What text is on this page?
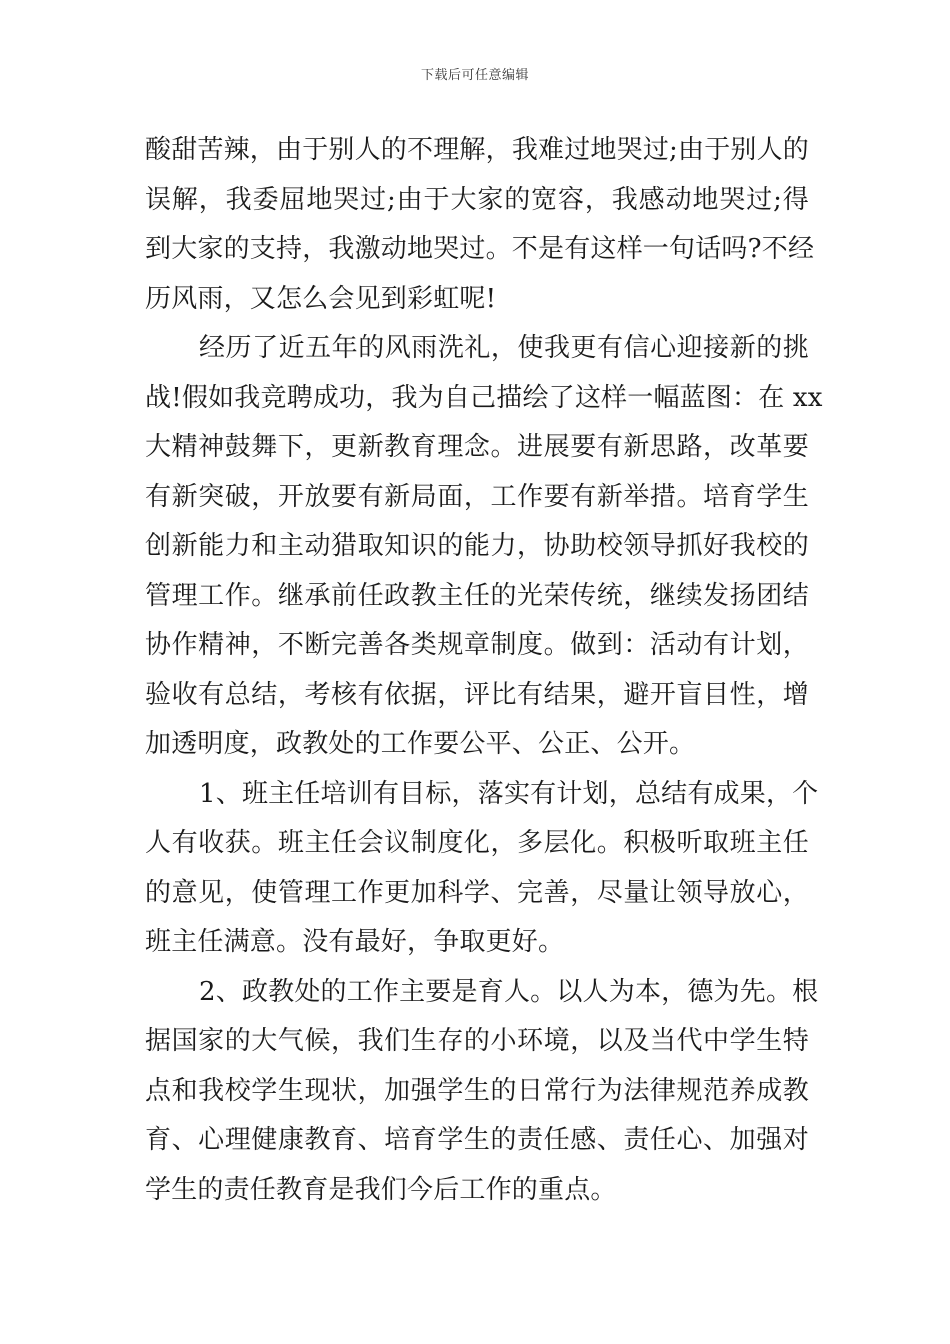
下载后可任意编辑
酸甜苦辣，由于别人的不理解，我难过地哭过;由于别人的
误解，我委屈地哭过;由于大家的宽容，我感动地哭过;得
到大家的支持，我激动地哭过。不是有这样一句话吗?不经
历风雨，又怎么会见到彩虹呢!
经历了近五年的风雨洗礼，使我更有信心迎接新的挑
战!假如我竞聘成功，我为自己描绘了这样一幅蓝图：在 xx
大精神鼓舞下，更新教育理念。进展要有新思路，改革要
有新突破，开放要有新局面，工作要有新举措。培育学生
创新能力和主动猎取知识的能力，协助校领导抓好我校的
管理工作。继承前任政教主任的光荣传统，继续发扬团结
协作精神，不断完善各类规章制度。做到：活动有计划，
验收有总结，考核有依据，评比有结果，避开盲目性，增
加透明度，政教处的工作要公平、公正、公开。
1、班主任培训有目标，落实有计划，总结有成果，个
人有收获。班主任会议制度化，多层化。积极听取班主任
的意见，使管理工作更加科学、完善，尽量让领导放心，
班主任满意。没有最好，争取更好。
2、政教处的工作主要是育人。以人为本，德为先。根
据国家的大气候，我们生存的小环境，以及当代中学生特
点和我校学生现状，加强学生的日常行为法律规范养成教
育、心理健康教育、培育学生的责任感、责任心、加强对
学生的责任教育是我们今后工作的重点。
